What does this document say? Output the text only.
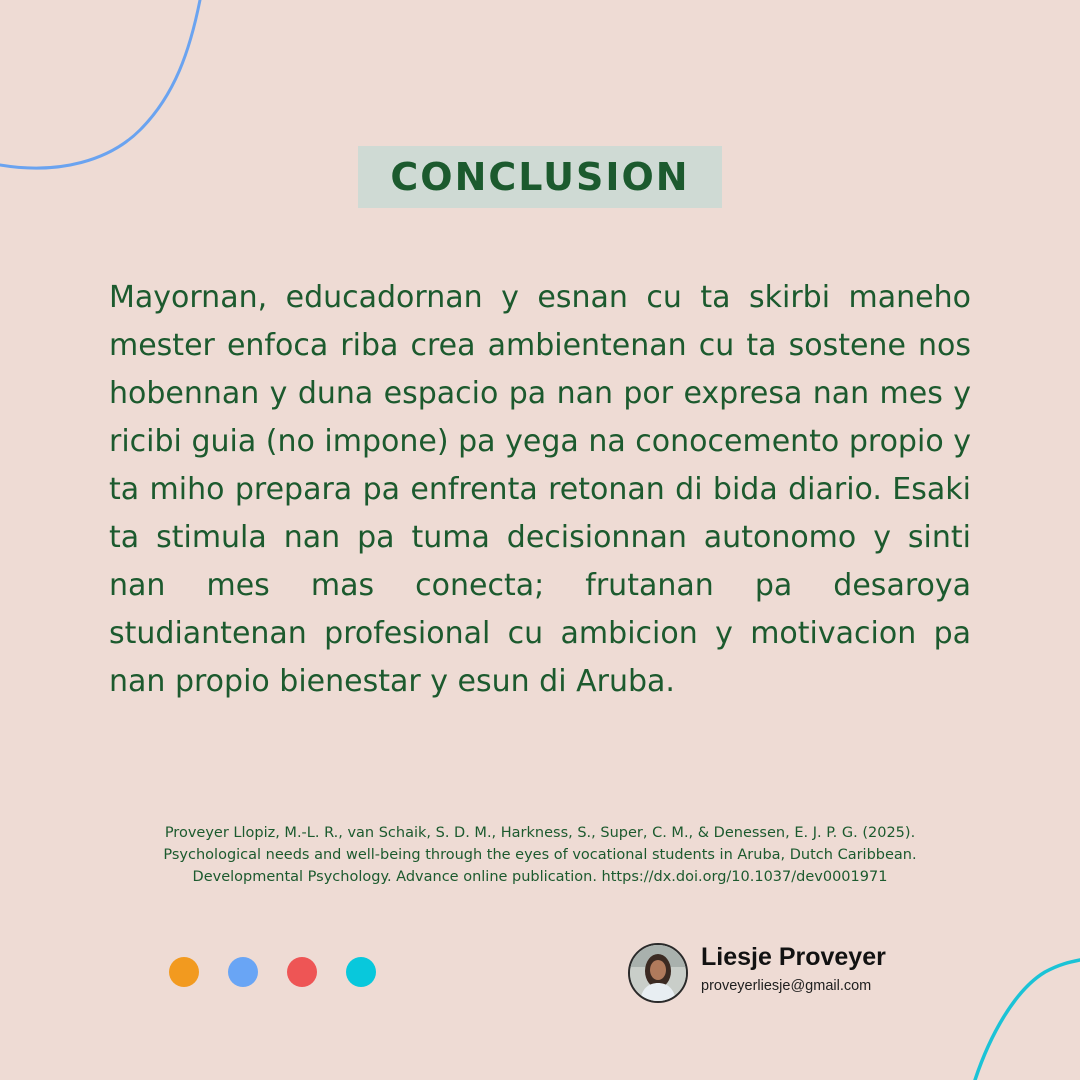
CONCLUSION

Mayornan, educadornan y esnan cu ta skirbi maneho mester enfoca riba crea ambientenan cu ta sostene nos hobennan y duna espacio pa nan por expresa nan mes y ricibi guia (no impone) pa yega na conocemento propio y ta miho prepara pa enfrenta retonan di bida diario. Esaki ta stimula nan pa tuma decisionnan autonomo y sinti nan mes mas conecta; frutanan pa desaroya studiantenan profesional cu ambicion y motivacion pa nan propio bienestar y esun di Aruba.

Proveyer Llopiz, M.-L. R., van Schaik, S. D. M., Harkness, S., Super, C. M., & Denessen, E. J. P. G. (2025).
Psychological needs and well-being through the eyes of vocational students in Aruba, Dutch Caribbean.
Developmental Psychology. Advance online publication. https://dx.doi.org/10.1037/dev0001971
Liesje Proveyer
proveyerliesje@gmail.com
